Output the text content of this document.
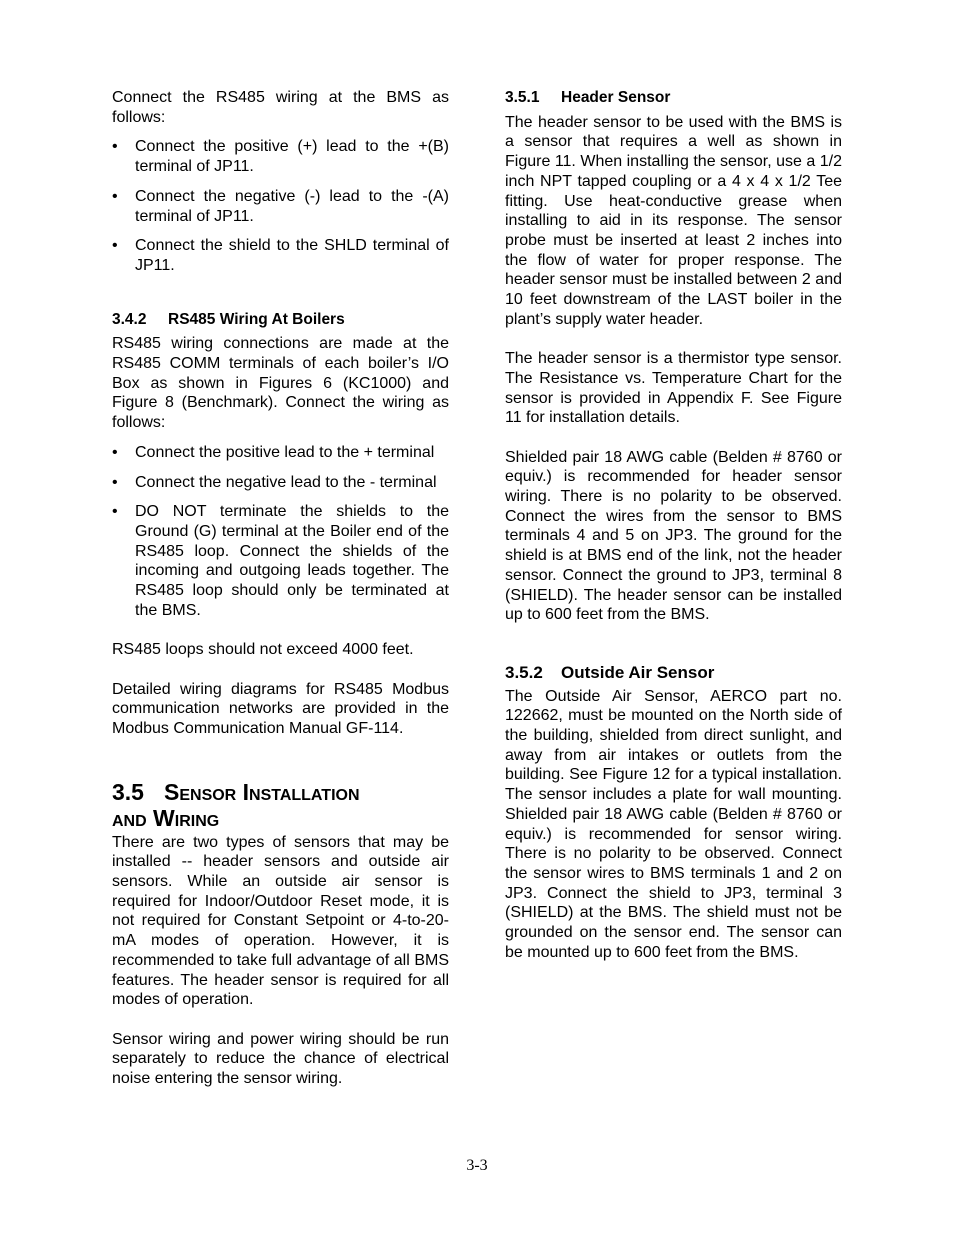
Connect the RS485 wiring at the BMS as follows:

• Connect the positive (+) lead to the +(B) terminal of JP11.
• Connect the negative (-) lead to the -(A) terminal of JP11.
• Connect the shield to the SHLD terminal of JP11.
3.4.2 RS485 Wiring At Boilers

RS485 wiring connections are made at the RS485 COMM terminals of each boiler’s I/O Box as shown in Figures 6 (KC1000) and Figure 8 (Benchmark). Connect the wiring as follows:

• Connect the positive lead to the + terminal
• Connect the negative lead to the - terminal
• DO NOT terminate the shields to the Ground (G) terminal at the Boiler end of the RS485 loop. Connect the shields of the incoming and outgoing leads together. The RS485 loop should only be terminated at the BMS.

RS485 loops should not exceed 4000 feet.

Detailed wiring diagrams for RS485 Modbus communication networks are provided in the Modbus Communication Manual GF-114.

3.5 Sensor Installation
and Wiring

There are two types of sensors that may be installed -- header sensors and outside air sensors. While an outside air sensor is required for Indoor/Outdoor Reset mode, it is not required for Constant Setpoint or 4-to-20-mA modes of operation. However, it is recommended to take full advantage of all BMS features. The header sensor is required for all modes of operation.

Sensor wiring and power wiring should be run separately to reduce the chance of electrical noise entering the sensor wiring.

3.5.1 Header Sensor

The header sensor to be used with the BMS is a sensor that requires a well as shown in Figure 11. When installing the sensor, use a 1/2 inch NPT tapped coupling or a 4 x 4 x 1/2 Tee fitting. Use heat-conductive grease when installing to aid in its response. The sensor probe must be inserted at least 2 inches into the flow of water for proper response. The header sensor must be installed between 2 and 10 feet downstream of the LAST boiler in the plant’s supply water header.

The header sensor is a thermistor type sensor. The Resistance vs. Temperature Chart for the sensor is provided in Appendix F. See Figure 11 for installation details.

Shielded pair 18 AWG cable (Belden # 8760 or equiv.) is recommended for header sensor wiring. There is no polarity to be observed. Connect the wires from the sensor to BMS terminals 4 and 5 on JP3. The ground for the shield is at BMS end of the link, not the header sensor. Connect the ground to JP3, terminal 8 (SHIELD). The header sensor can be installed up to 600 feet from the BMS.

3.5.2 Outside Air Sensor

The Outside Air Sensor, AERCO part no. 122662, must be mounted on the North side of the building, shielded from direct sunlight, and away from air intakes or outlets from the building. See Figure 12 for a typical installation. The sensor includes a plate for wall mounting. Shielded pair 18 AWG cable (Belden # 8760 or equiv.) is recommended for sensor wiring. There is no polarity to be observed. Connect the sensor wires to BMS terminals 1 and 2 on JP3. Connect the shield to JP3, terminal 3 (SHIELD) at the BMS. The shield must not be grounded on the sensor end. The sensor can be mounted up to 600 feet from the BMS.

3-3
